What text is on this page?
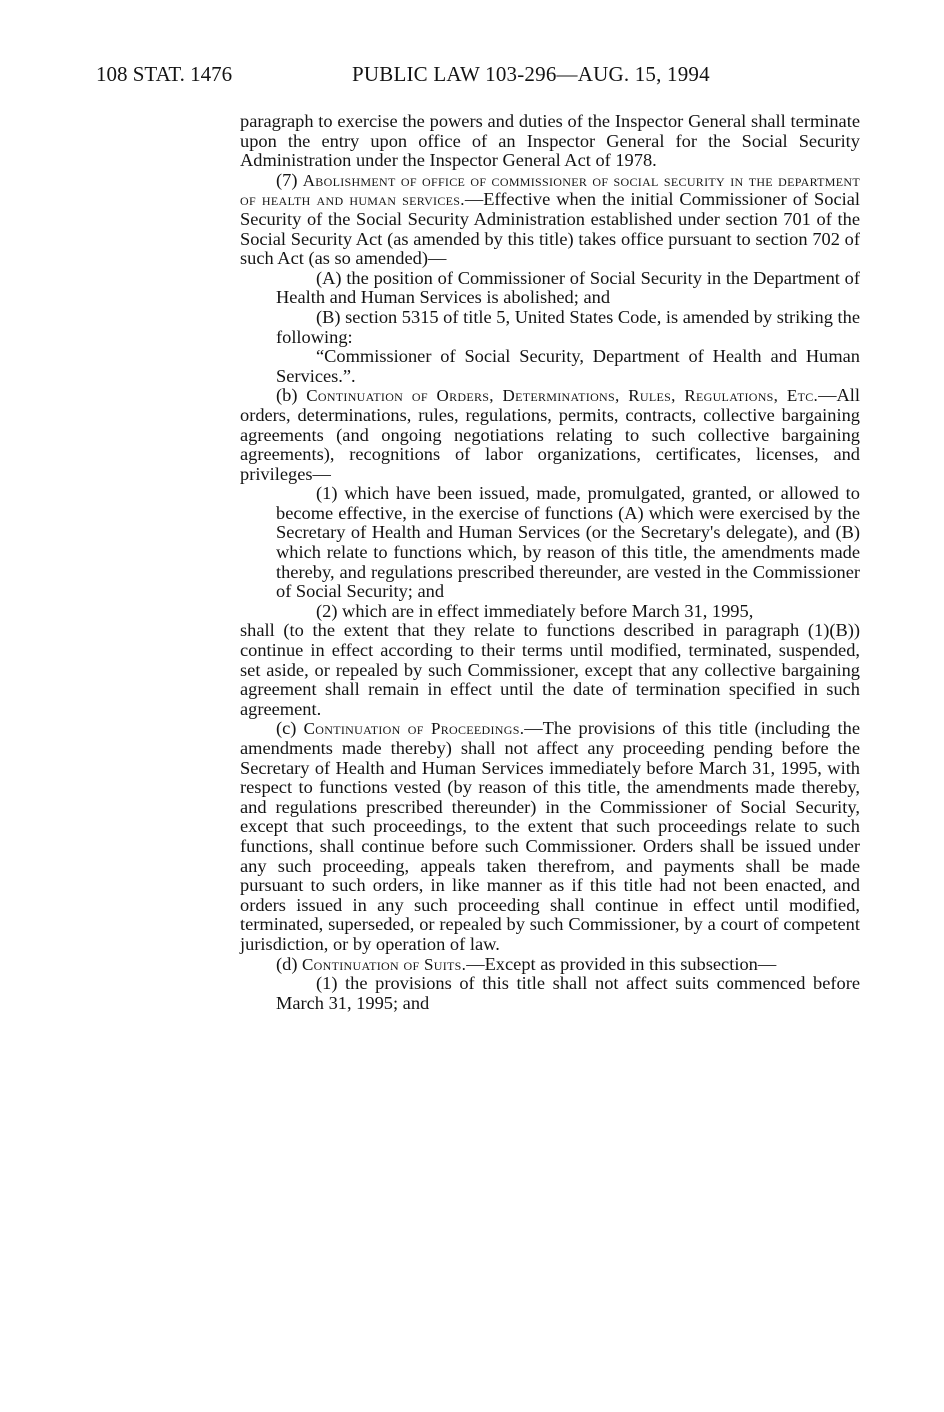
108 STAT. 1476	PUBLIC LAW 103-296—AUG. 15, 1994

paragraph to exercise the powers and duties of the Inspector General shall terminate upon the entry upon office of an Inspector General for the Social Security Administration under the Inspector General Act of 1978.

(7) Abolishment of office of commissioner of social security in the department of health and human services.—Effective when the initial Commissioner of Social Security of the Social Security Administration established under section 701 of the Social Security Act (as amended by this title) takes office pursuant to section 702 of such Act (as so amended)—

(A) the position of Commissioner of Social Security in the Department of Health and Human Services is abolished; and

(B) section 5315 of title 5, United States Code, is amended by striking the following:

“Commissioner of Social Security, Department of Health and Human Services.”.

(b) Continuation of Orders, Determinations, Rules, Regulations, Etc.—All orders, determinations, rules, regulations, permits, contracts, collective bargaining agreements (and ongoing negotiations relating to such collective bargaining agreements), recognitions of labor organizations, certificates, licenses, and privileges—

(1) which have been issued, made, promulgated, granted, or allowed to become effective, in the exercise of functions (A) which were exercised by the Secretary of Health and Human Services (or the Secretary's delegate), and (B) which relate to functions which, by reason of this title, the amendments made thereby, and regulations prescribed thereunder, are vested in the Commissioner of Social Security; and

(2) which are in effect immediately before March 31, 1995,

shall (to the extent that they relate to functions described in paragraph (1)(B)) continue in effect according to their terms until modified, terminated, suspended, set aside, or repealed by such Commissioner, except that any collective bargaining agreement shall remain in effect until the date of termination specified in such agreement.

(c) Continuation of Proceedings.—The provisions of this title (including the amendments made thereby) shall not affect any proceeding pending before the Secretary of Health and Human Services immediately before March 31, 1995, with respect to functions vested (by reason of this title, the amendments made thereby, and regulations prescribed thereunder) in the Commissioner of Social Security, except that such proceedings, to the extent that such proceedings relate to such functions, shall continue before such Commissioner. Orders shall be issued under any such proceeding, appeals taken therefrom, and payments shall be made pursuant to such orders, in like manner as if this title had not been enacted, and orders issued in any such proceeding shall continue in effect until modified, terminated, superseded, or repealed by such Commissioner, by a court of competent jurisdiction, or by operation of law.

(d) Continuation of Suits.—Except as provided in this subsection—

(1) the provisions of this title shall not affect suits commenced before March 31, 1995; and
